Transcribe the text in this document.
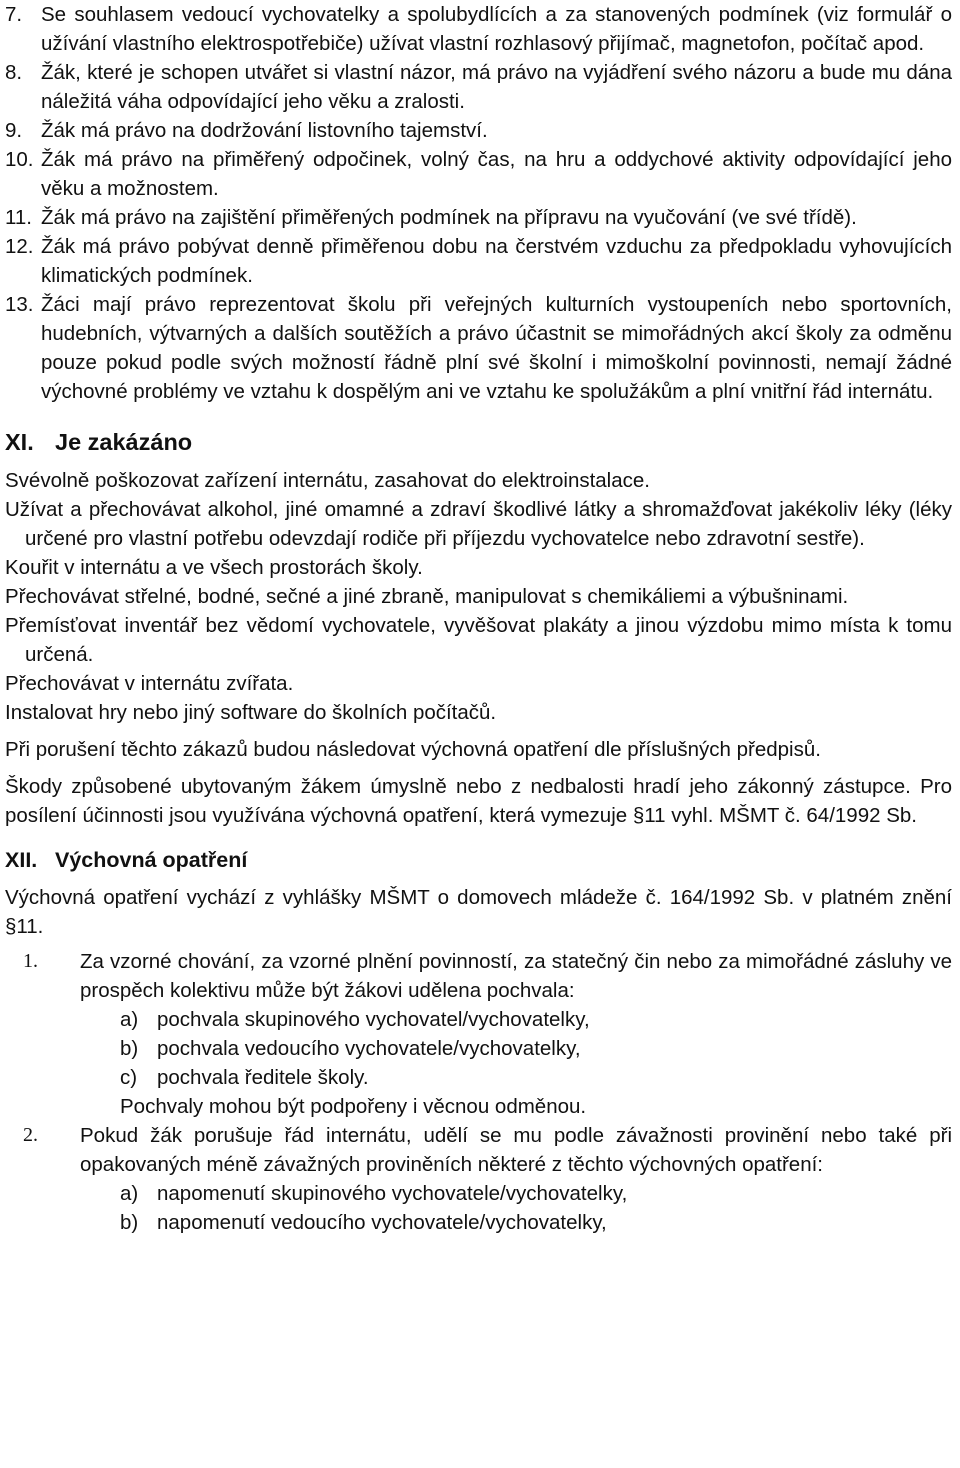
7. Se souhlasem vedoucí vychovatelky a spolubydlících a za stanovených podmínek (viz formulář o užívání vlastního elektrospotřebiče) užívat vlastní rozhlasový přijímač, magnetofon, počítač apod.
8. Žák, které je schopen utvářet si vlastní názor, má právo na vyjádření svého názoru a bude mu dána náležitá váha odpovídající jeho věku a zralosti.
9. Žák má právo na dodržování listovního tajemství.
10. Žák má právo na přiměřený odpočinek, volný čas, na hru a oddychové aktivity odpovídající jeho věku a možnostem.
11. Žák má právo na zajištění přiměřených podmínek na přípravu na vyučování (ve své třídě).
12. Žák má právo pobývat denně přiměřenou dobu na čerstvém vzduchu za předpokladu vyhovujících klimatických podmínek.
13. Žáci mají právo reprezentovat školu při veřejných kulturních vystoupeních nebo sportovních, hudebních, výtvarných a dalších soutěžích a právo účastnit se mimořádných akcí školy za odměnu pouze pokud podle svých možností řádně plní své školní i mimoškolní povinnosti, nemají žádné výchovné problémy ve vztahu k dospělým ani ve vztahu ke spolužákům a plní vnitřní řád internátu.
XI. Je zakázáno

Svévolně poškozovat zařízení internátu, zasahovat do elektroinstalace.

Užívat a přechovávat alkohol, jiné omamné a zdraví škodlivé látky a shromažďovat jakékoliv léky (léky určené pro vlastní potřebu odevzdají rodiče při příjezdu vychovatelce nebo zdravotní sestře).

Kouřit v internátu a ve všech prostorách školy.

Přechovávat střelné, bodné, sečné a jiné zbraně, manipulovat s chemikáliemi a výbušninami.

Přemísťovat inventář bez vědomí vychovatele, vyvěšovat plakáty a jinou výzdobu mimo místa k tomu určená.

Přechovávat v internátu zvířata.

Instalovat hry nebo jiný software do školních počítačů.

Při porušení těchto zákazů budou následovat výchovná opatření dle příslušných předpisů.

Škody způsobené ubytovaným žákem úmyslně nebo z nedbalosti hradí jeho zákonný zástupce. Pro posílení účinnosti jsou využívána výchovná opatření, která vymezuje §11 vyhl. MŠMT č. 64/1992 Sb.

XII. Výchovná opatření

Výchovná opatření vychází z vyhlášky MŠMT o domovech mládeže č. 164/1992 Sb. v platném znění §11.

1.	Za vzorné chování, za vzorné plnění povinností, za statečný čin nebo za mimořádné zásluhy ve prospěch kolektivu může být žákovi udělena pochvala:
a) pochvala skupinového vychovatel/vychovatelky,
b) pochvala vedoucího vychovatele/vychovatelky,
c) pochvala ředitele školy.
Pochvaly mohou být podpořeny i věcnou odměnou.
2.	Pokud žák porušuje řád internátu, udělí se mu podle závažnosti provinění nebo také při opakovaných méně závažných proviněních některé z těchto výchovných opatření:
a) napomenutí skupinového vychovatele/vychovatelky,
b) napomenutí vedoucího vychovatele/vychovatelky,
